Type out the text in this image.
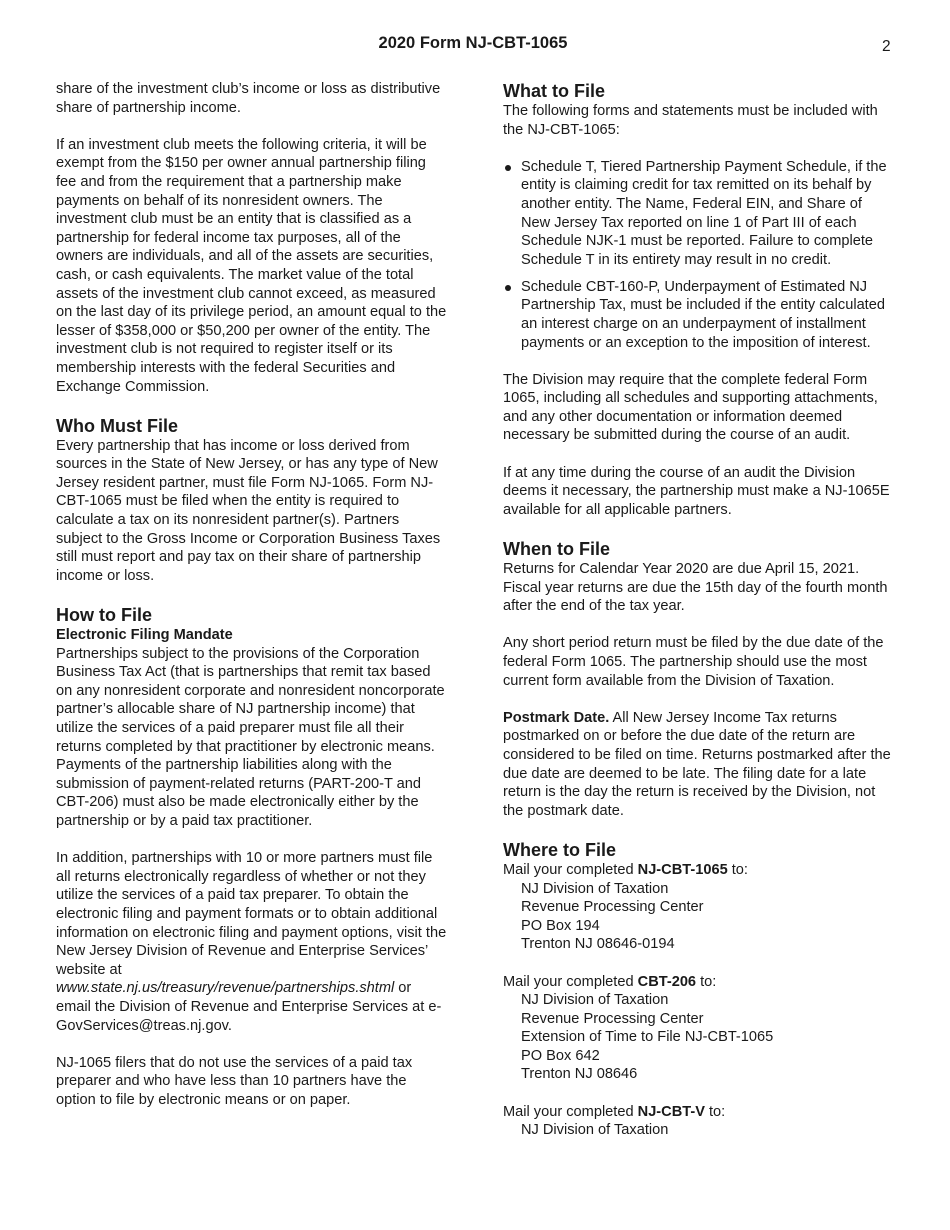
2020 Form NJ-CBT-1065	2

share of the investment club’s income or loss as distributive share of partnership income.

If an investment club meets the following criteria, it will be exempt from the $150 per owner annual partnership filing fee and from the requirement that a partnership make payments on behalf of its nonresident owners. The investment club must be an entity that is classified as a partnership for federal income tax purposes, all of the owners are individuals, and all of the assets are securities, cash, or cash equivalents. The market value of the total assets of the investment club cannot exceed, as measured on the last day of its privilege period, an amount equal to the lesser of $358,000 or $50,200 per owner of the entity. The investment club is not required to register itself or its membership interests with the federal Securities and Exchange Commission.

Who Must File

Every partnership that has income or loss derived from sources in the State of New Jersey, or has any type of New Jersey resident partner, must file Form NJ-1065. Form NJ-CBT-1065 must be filed when the entity is required to calculate a tax on its nonresident partner(s). Partners subject to the Gross Income or Corporation Business Taxes still must report and pay tax on their share of partnership income or loss.

How to File
Electronic Filing Mandate

Partnerships subject to the provisions of the Corporation Business Tax Act (that is partnerships that remit tax based on any nonresident corporate and nonresident noncorporate partner’s allocable share of NJ partnership income) that utilize the services of a paid preparer must file all their returns completed by that practitioner by electronic means. Payments of the partnership liabilities along with the submission of payment-related returns (PART-200-T and CBT-206) must also be made electronically either by the partnership or by a paid tax practitioner.

In addition, partnerships with 10 or more partners must file all returns electronically regardless of whether or not they utilize the services of a paid tax preparer. To obtain the electronic filing and payment formats or to obtain additional information on electronic filing and payment options, visit the New Jersey Division of Revenue and Enterprise Services’ website at www.state.nj.us/treasury/revenue/partnerships.shtml or email the Division of Revenue and Enterprise Services at e-GovServices@treas.nj.gov.

NJ-1065 filers that do not use the services of a paid tax preparer and who have less than 10 partners have the option to file by electronic means or on paper.

What to File

The following forms and statements must be included with the NJ-CBT-1065:

Schedule T, Tiered Partnership Payment Schedule, if the entity is claiming credit for tax remitted on its behalf by another entity. The Name, Federal EIN, and Share of New Jersey Tax reported on line 1 of Part III of each Schedule NJK-1 must be reported. Failure to complete Schedule T in its entirety may result in no credit.
Schedule CBT-160-P, Underpayment of Estimated NJ Partnership Tax, must be included if the entity calculated an interest charge on an underpayment of installment payments or an exception to the imposition of interest.

The Division may require that the complete federal Form 1065, including all schedules and supporting attachments, and any other documentation or information deemed necessary be submitted during the course of an audit.

If at any time during the course of an audit the Division deems it necessary, the partnership must make a NJ-1065E available for all applicable partners.

When to File

Returns for Calendar Year 2020 are due April 15, 2021. Fiscal year returns are due the 15th day of the fourth month after the end of the tax year.

Any short period return must be filed by the due date of the federal Form 1065. The partnership should use the most current form available from the Division of Taxation.

Postmark Date. All New Jersey Income Tax returns postmarked on or before the due date of the return are considered to be filed on time. Returns postmarked after the due date are deemed to be late. The filing date for a late return is the day the return is received by the Division, not the postmark date.

Where to File
Mail your completed NJ-CBT-1065 to:
NJ Division of Taxation
Revenue Processing Center
PO Box 194
Trenton NJ 08646-0194
Mail your completed CBT-206 to:
NJ Division of Taxation
Revenue Processing Center
Extension of Time to File NJ-CBT-1065
PO Box 642
Trenton NJ 08646
Mail your completed NJ-CBT-V to:
NJ Division of Taxation
